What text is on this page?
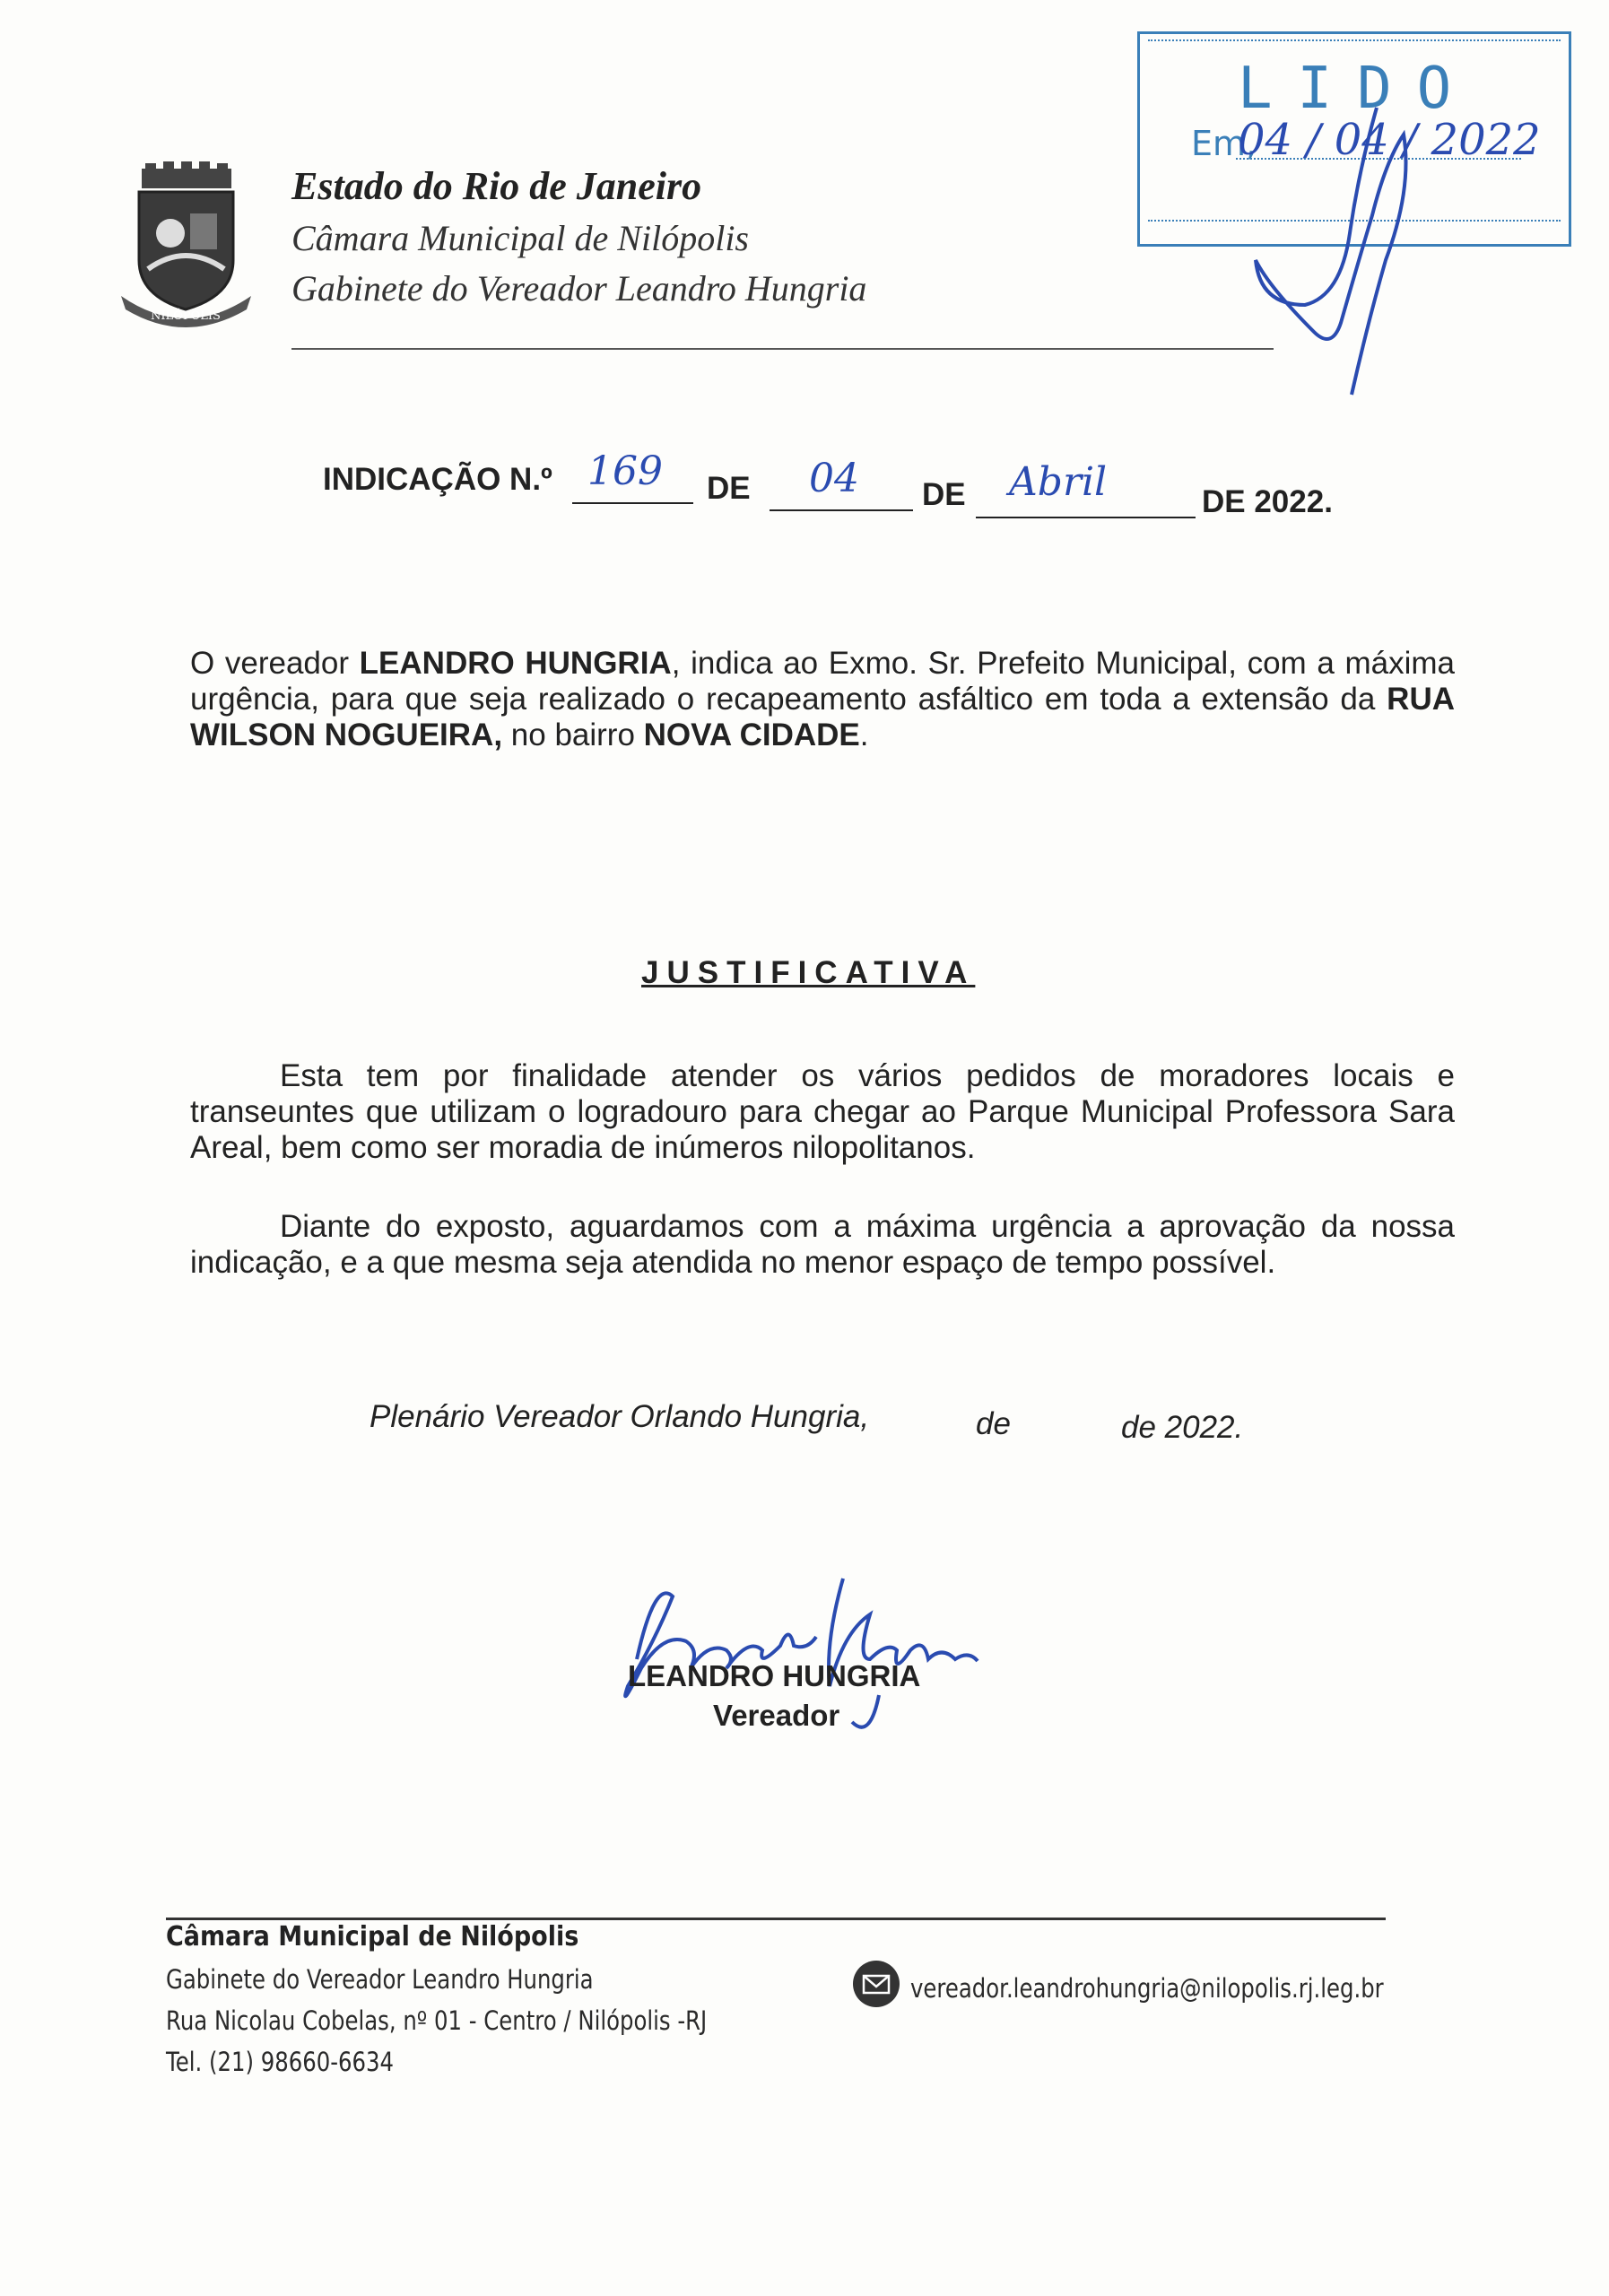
NILÓPOLIS
Estado do Rio de Janeiro
Câmara Municipal de Nilópolis
Gabinete do Vereador Leandro Hungria
LIDO
Em,
04 / 04 / 2022
INDICAÇÃO N.º 169 DE 04 DE Abril	DE 2022.
O vereador LEANDRO HUNGRIA, indica ao Exmo. Sr. Prefeito Municipal, com a máxima urgência, para que seja realizado o recapeamento asfáltico em toda a extensão da RUA WILSON NOGUEIRA, no bairro NOVA CIDADE.
JUSTIFICATIVA
Esta tem por finalidade atender os vários pedidos de moradores locais e transeuntes que utilizam o logradouro para chegar ao Parque Municipal Professora Sara Areal, bem como ser moradia de inúmeros nilopolitanos.
Diante do exposto, aguardamos com a máxima urgência a aprovação da nossa indicação, e a que mesma seja atendida no menor espaço de tempo possível.
Plenário Vereador Orlando Hungria,	de	de 2022.
LEANDRO HUNGRIA
Vereador
Câmara Municipal de Nilópolis
Gabinete do Vereador Leandro Hungria
Rua Nicolau Cobelas, nº 01 - Centro / Nilópolis -RJ
Tel. (21) 98660-6634
vereador.leandrohungria@nilopolis.rj.leg.br
